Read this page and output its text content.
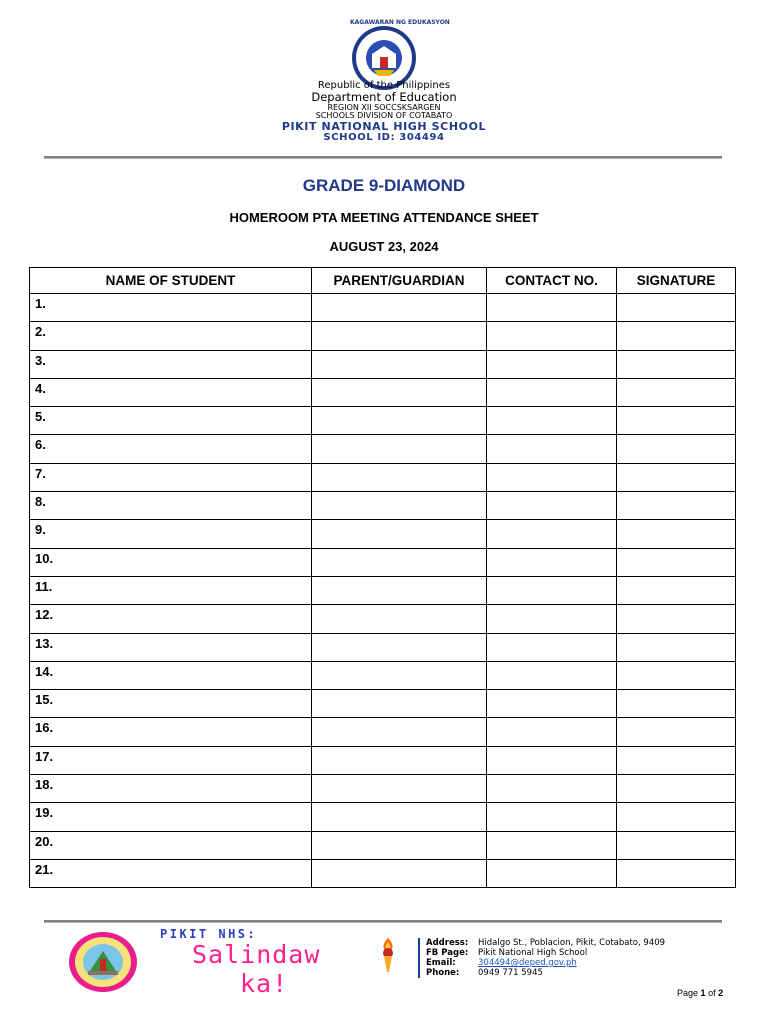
KAGAWARAN NG EDUKASYON
Republic of the Philippines
Department of Education
REGION XII SOCCSKSARGEN
SCHOOLS DIVISION OF COTABATO
PIKIT NATIONAL HIGH SCHOOL
SCHOOL ID: 304494
GRADE 9-DIAMOND
HOMEROOM PTA MEETING ATTENDANCE SHEET
AUGUST 23, 2024
NAME OF STUDENT	PARENT/GUARDIAN	CONTACT NO.	SIGNATURE

1.			

2.			

3.			

4.			

5.			

6.			

7.			

8.			

9.			

10.			

11.			

12.			

13.			

14.			

15.			

16.			

17.			

18.			

19.			

20.			

21.			

PIKIT NHS:
Salindaw
ka!
Address:	Hidalgo St., Poblacion, Pikit, Cotabato, 9409
FB Page:	Pikit National High School
Email:	304494@deped.gov.ph
Phone:	0949 771 5945
Page 1 of 2
